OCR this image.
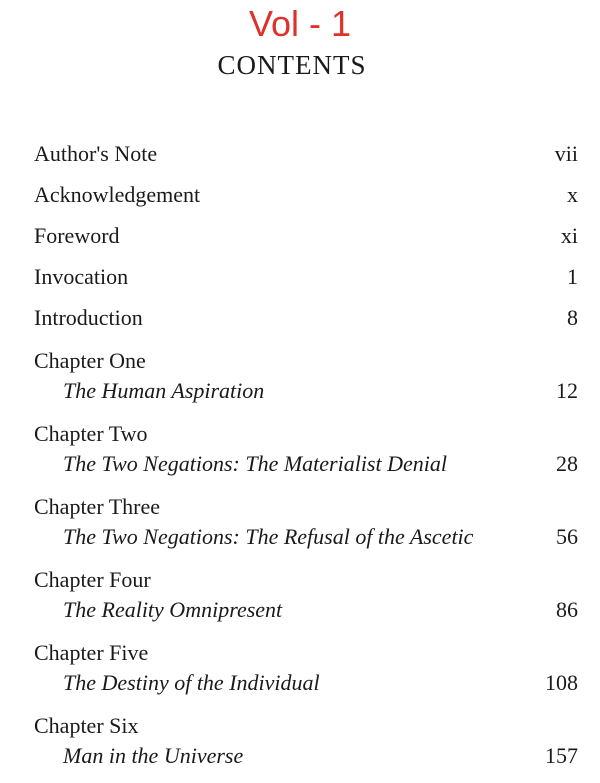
Vol - 1
CONTENTS
Author's Note	vii
Acknowledgement	x
Foreword	xi
Invocation	1
Introduction	8
Chapter One
The Human Aspiration	12
Chapter Two
The Two Negations: The Materialist Denial	28
Chapter Three
The Two Negations: The Refusal of the Ascetic	56
Chapter Four
The Reality Omnipresent	86
Chapter Five
The Destiny of the Individual	108
Chapter Six
Man in the Universe	157
